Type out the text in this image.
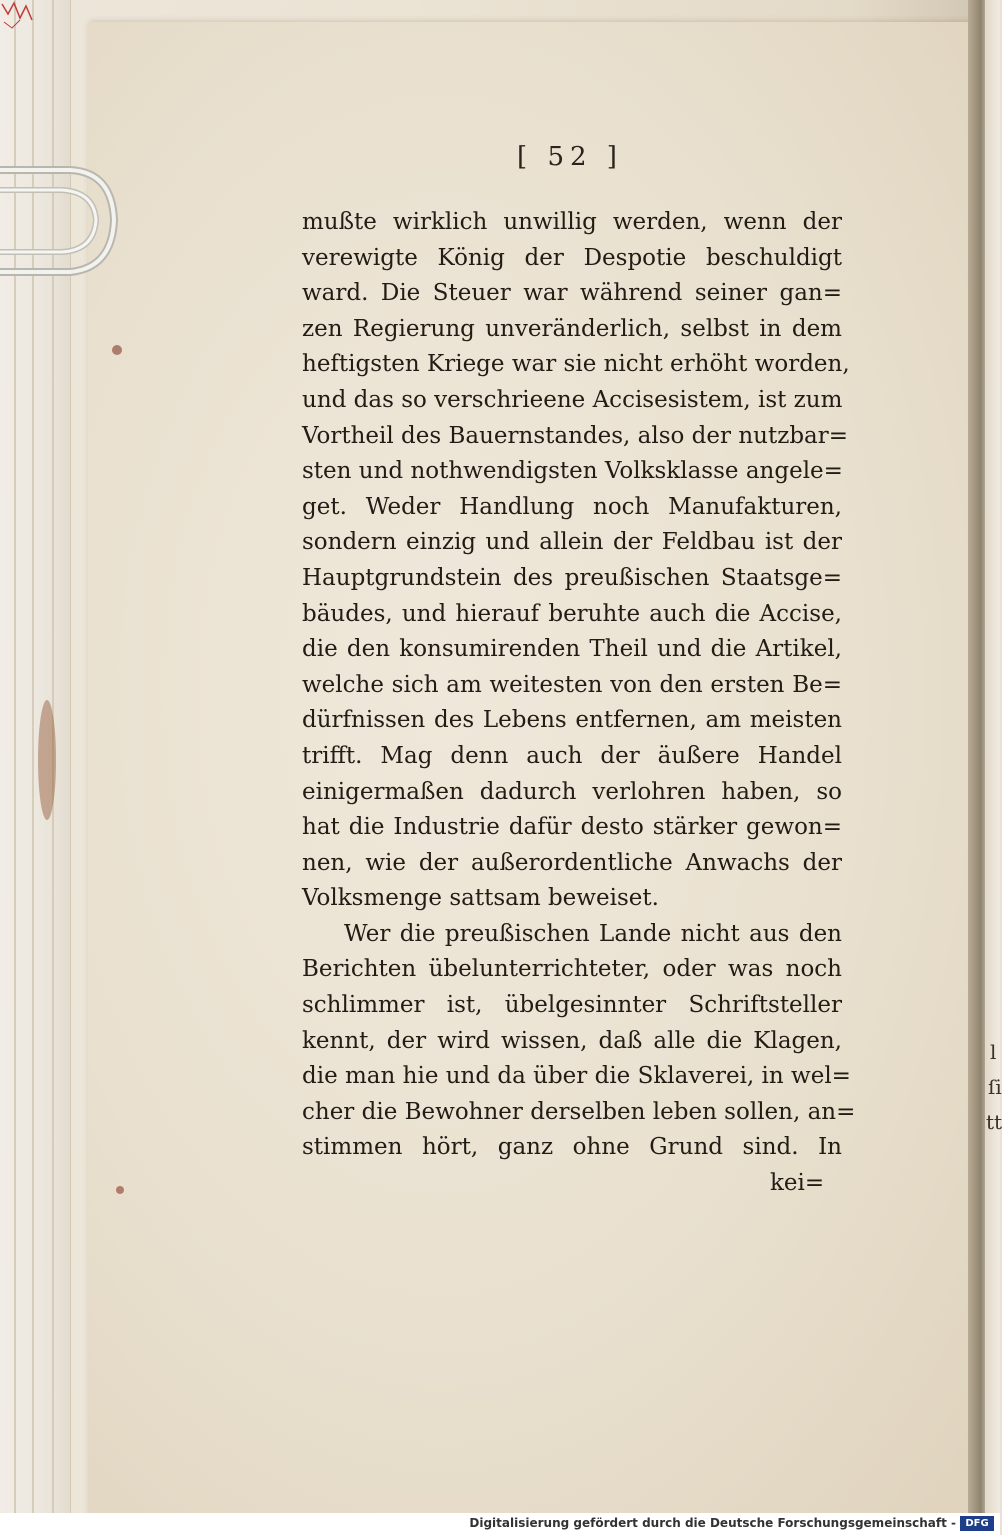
l
ſi
tt
[ 52 ]
mußte wirklich unwillig werden, wenn der
verewigte König der Despotie beschuldigt
ward. Die Steuer war während seiner gan=
zen Regierung unveränderlich, selbst in dem
heftigsten Kriege war sie nicht erhöht worden,
und das so verschrieene Accisesistem, ist zum
Vortheil des Bauernstandes, also der nutzbar=
sten und nothwendigsten Volksklasse angele=
get. Weder Handlung noch Manufakturen,
sondern einzig und allein der Feldbau ist der
Hauptgrundstein des preußischen Staatsge=
bäudes, und hierauf beruhte auch die Accise,
die den konsumirenden Theil und die Artikel,
welche sich am weitesten von den ersten Be=
dürfnissen des Lebens entfernen, am meisten
trifft. Mag denn auch der äußere Handel
einigermaßen dadurch verlohren haben, so
hat die Industrie dafür desto stärker gewon=
nen, wie der außerordentliche Anwachs der
Volksmenge sattsam beweiset.
Wer die preußischen Lande nicht aus den
Berichten übelunterrichteter, oder was noch
schlimmer ist, übelgesinnter Schriftsteller
kennt, der wird wissen, daß alle die Klagen,
die man hie und da über die Sklaverei, in wel=
cher die Bewohner derselben leben sollen, an=
stimmen hört, ganz ohne Grund sind. In
kei=
Digitalisierung gefördert durch die Deutsche Forschungsgemeinschaft - DFG
